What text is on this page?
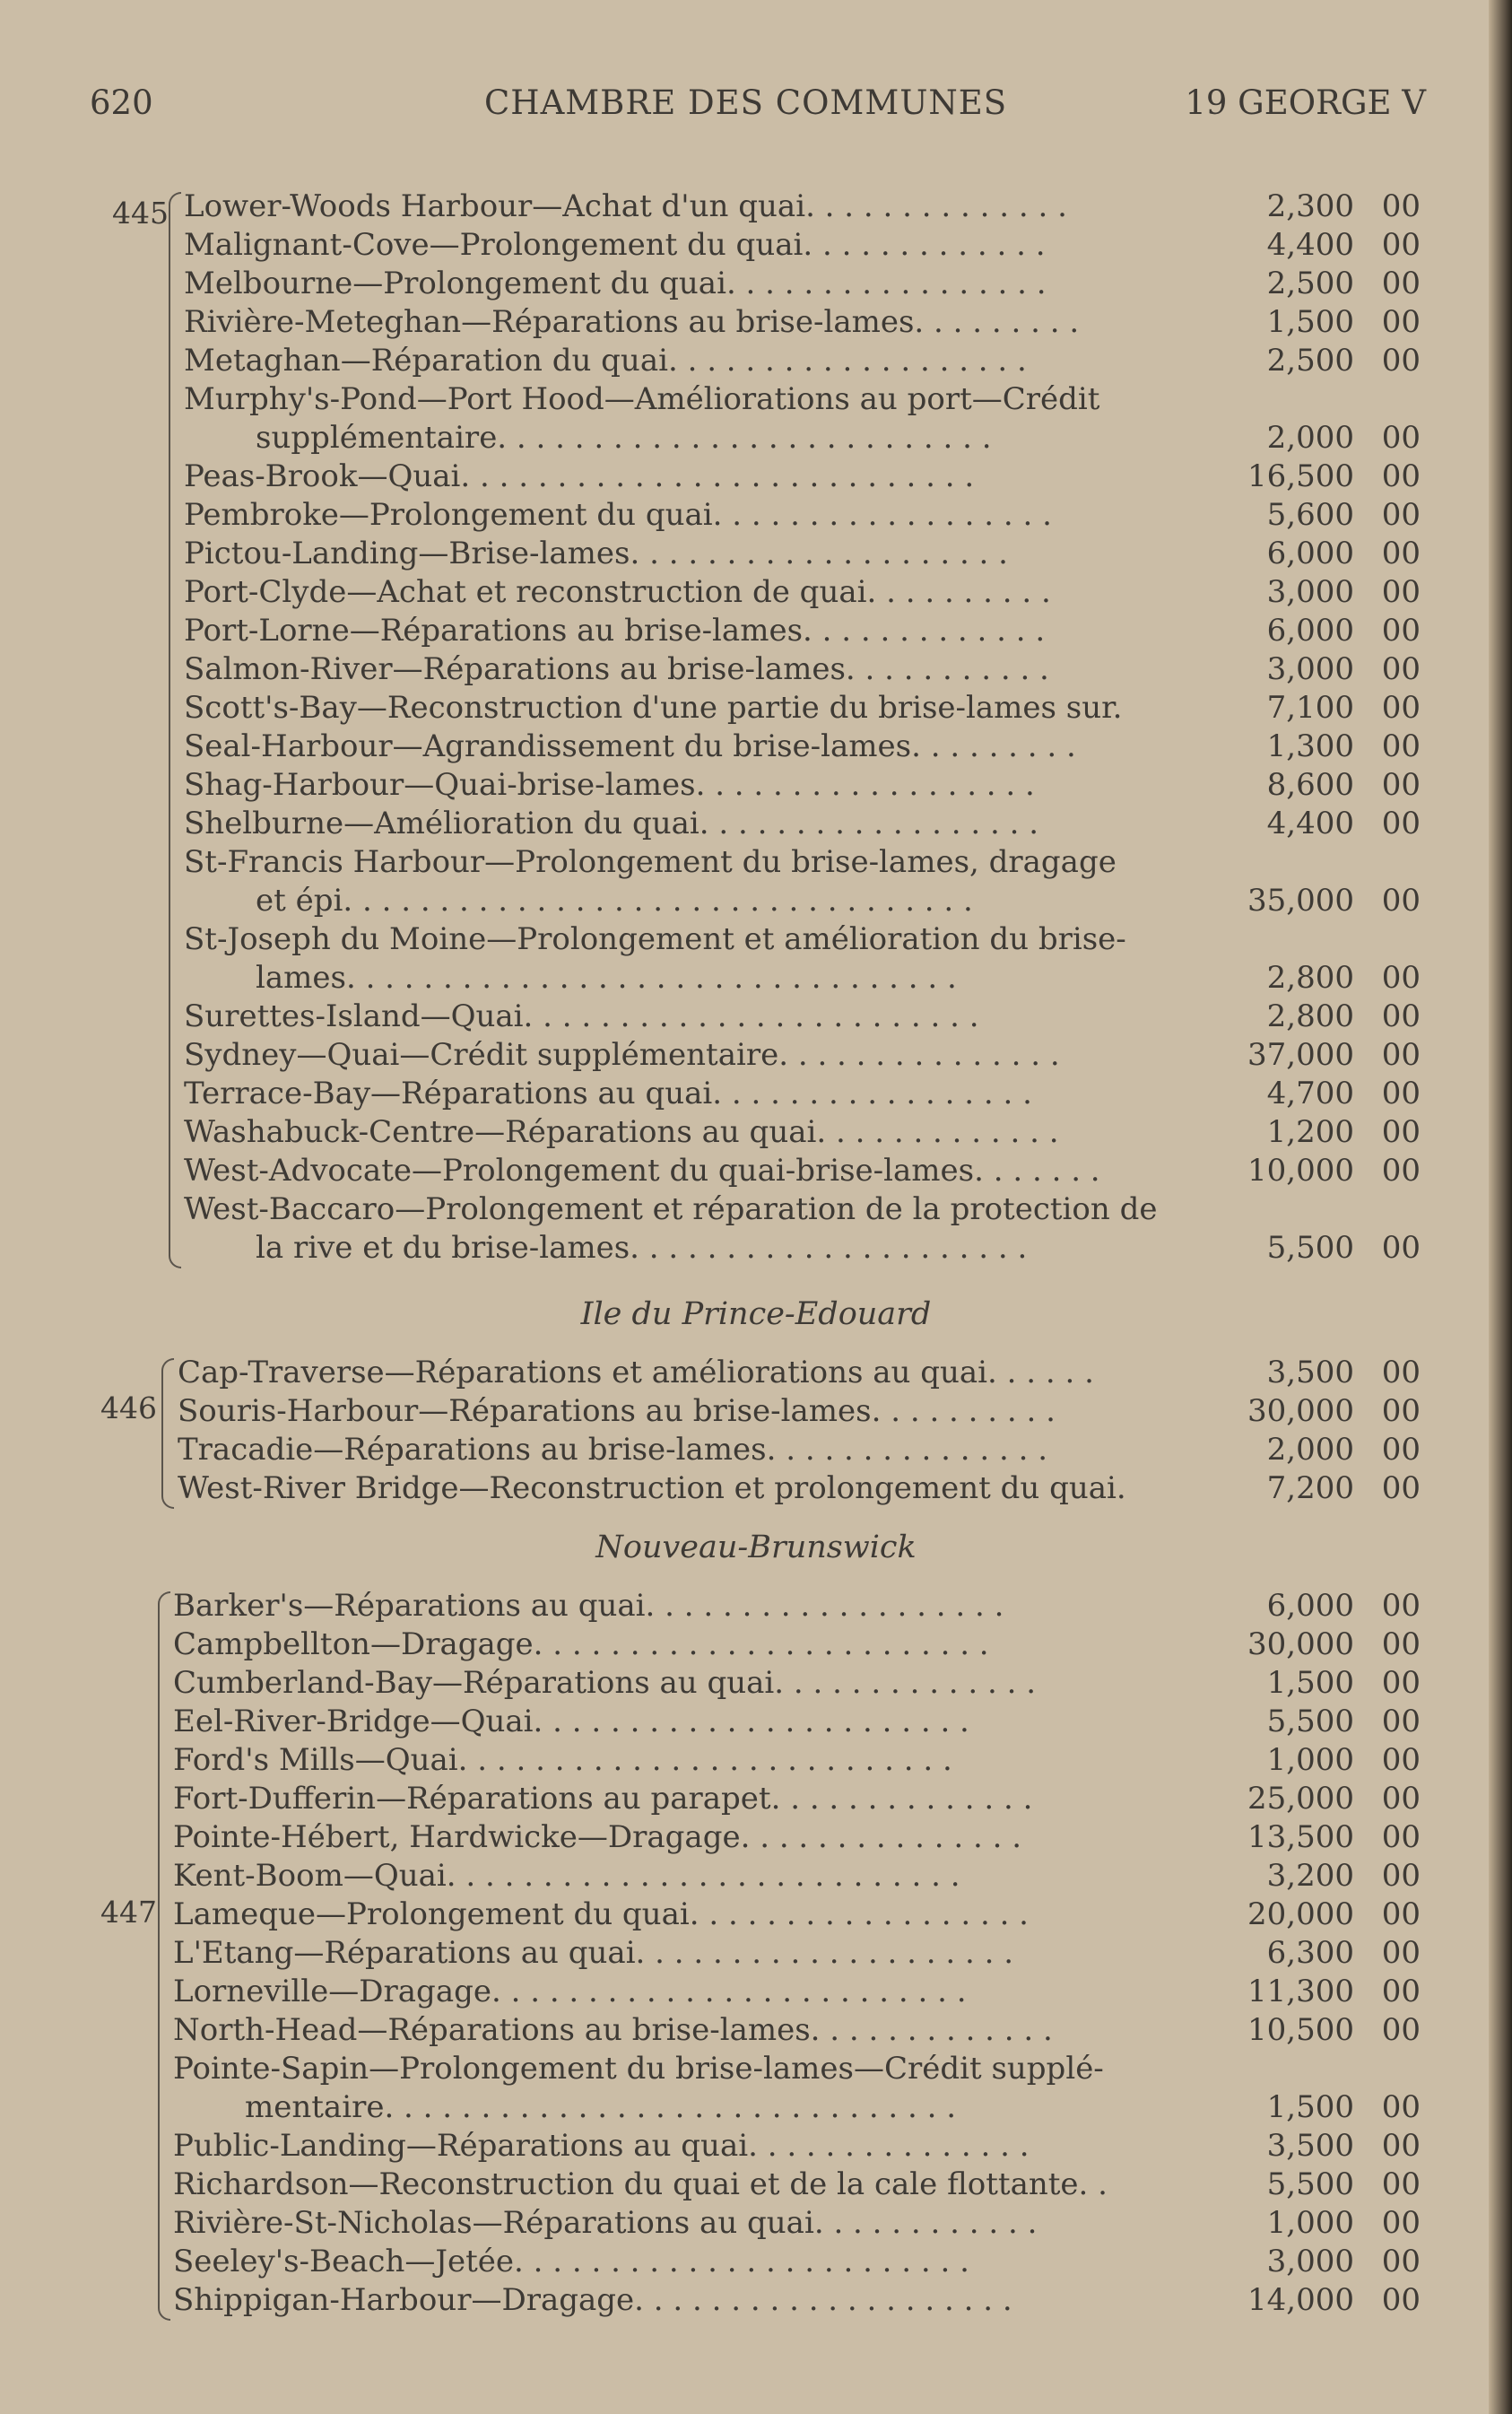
620	CHAMBRE DES COMMUNES	19 GEORGE V
Lower-Woods Harbour—Achat d'un quai. . . . . . . . . . . . . .	2,300 00
Malignant-Cove—Prolongement du quai. . . . . . . . . . . . .	4,400 00
Melbourne—Prolongement du quai. . . . . . . . . . . . . . . . .	2,500 00
Rivière-Meteghan—Réparations au brise-lames. . . . . . . . .	1,500 00
Metaghan—Réparation du quai. . . . . . . . . . . . . . . . . . .	2,500 00
Murphy's-Pond—Port Hood—Améliorations au port—Crédit
supplémentaire. . . . . . . . . . . . . . . . . . . . . . . . . .	2,000 00
Peas-Brook—Quai. . . . . . . . . . . . . . . . . . . . . . . . . . .	16,500 00
Pembroke—Prolongement du quai. . . . . . . . . . . . . . . . . .	5,600 00
Pictou-Landing—Brise-lames. . . . . . . . . . . . . . . . . . . .	6,000 00
Port-Clyde—Achat et reconstruction de quai. . . . . . . . . .	3,000 00
Port-Lorne—Réparations au brise-lames. . . . . . . . . . . . .	6,000 00
Salmon-River—Réparations au brise-lames. . . . . . . . . . .	3,000 00
Scott's-Bay—Reconstruction d'une partie du brise-lames sur.	7,100 00
Seal-Harbour—Agrandissement du brise-lames. . . . . . . . .	1,300 00
Shag-Harbour—Quai-brise-lames. . . . . . . . . . . . . . . . . .	8,600 00
Shelburne—Amélioration du quai. . . . . . . . . . . . . . . . . .	4,400 00
St-Francis Harbour—Prolongement du brise-lames, dragage
et épi. . . . . . . . . . . . . . . . . . . . . . . . . . . . . . . . .	35,000 00
St-Joseph du Moine—Prolongement et amélioration du brise-
lames. . . . . . . . . . . . . . . . . . . . . . . . . . . . . . . .	2,800 00
Surettes-Island—Quai. . . . . . . . . . . . . . . . . . . . . . . .	2,800 00
Sydney—Quai—Crédit supplémentaire. . . . . . . . . . . . . . .	37,000 00
Terrace-Bay—Réparations au quai. . . . . . . . . . . . . . . . .	4,700 00
Washabuck-Centre—Réparations au quai. . . . . . . . . . . . .	1,200 00
West-Advocate—Prolongement du quai-brise-lames. . . . . . .	10,000 00
West-Baccaro—Prolongement et réparation de la protection de
la rive et du brise-lames. . . . . . . . . . . . . . . . . . . . .	5,500 00
445
Ile du Prince-Edouard
Cap-Traverse—Réparations et améliorations au quai. . . . . .	3,500 00
Souris-Harbour—Réparations au brise-lames. . . . . . . . . .	30,000 00
Tracadie—Réparations au brise-lames. . . . . . . . . . . . . . .	2,000 00
West-River Bridge—Reconstruction et prolongement du quai.	7,200 00
446
Nouveau-Brunswick
Barker's—Réparations au quai. . . . . . . . . . . . . . . . . . .	6,000 00
Campbellton—Dragage. . . . . . . . . . . . . . . . . . . . . . . .	30,000 00
Cumberland-Bay—Réparations au quai. . . . . . . . . . . . . .	1,500 00
Eel-River-Bridge—Quai. . . . . . . . . . . . . . . . . . . . . . .	5,500 00
Ford's Mills—Quai. . . . . . . . . . . . . . . . . . . . . . . . . .	1,000 00
Fort-Dufferin—Réparations au parapet. . . . . . . . . . . . . .	25,000 00
Pointe-Hébert, Hardwicke—Dragage. . . . . . . . . . . . . . .	13,500 00
Kent-Boom—Quai. . . . . . . . . . . . . . . . . . . . . . . . . . .	3,200 00
Lameque—Prolongement du quai. . . . . . . . . . . . . . . . . .	20,000 00
L'Etang—Réparations au quai. . . . . . . . . . . . . . . . . . . .	6,300 00
Lorneville—Dragage. . . . . . . . . . . . . . . . . . . . . . . . .	11,300 00
North-Head—Réparations au brise-lames. . . . . . . . . . . . .	10,500 00
Pointe-Sapin—Prolongement du brise-lames—Crédit supplé-
mentaire. . . . . . . . . . . . . . . . . . . . . . . . . . . . . .	1,500 00
Public-Landing—Réparations au quai. . . . . . . . . . . . . . .	3,500 00
Richardson—Reconstruction du quai et de la cale flottante. .	5,500 00
Rivière-St-Nicholas—Réparations au quai. . . . . . . . . . . .	1,000 00
Seeley's-Beach—Jetée. . . . . . . . . . . . . . . . . . . . . . . .	3,000 00
Shippigan-Harbour—Dragage. . . . . . . . . . . . . . . . . . . .	14,000 00
447
